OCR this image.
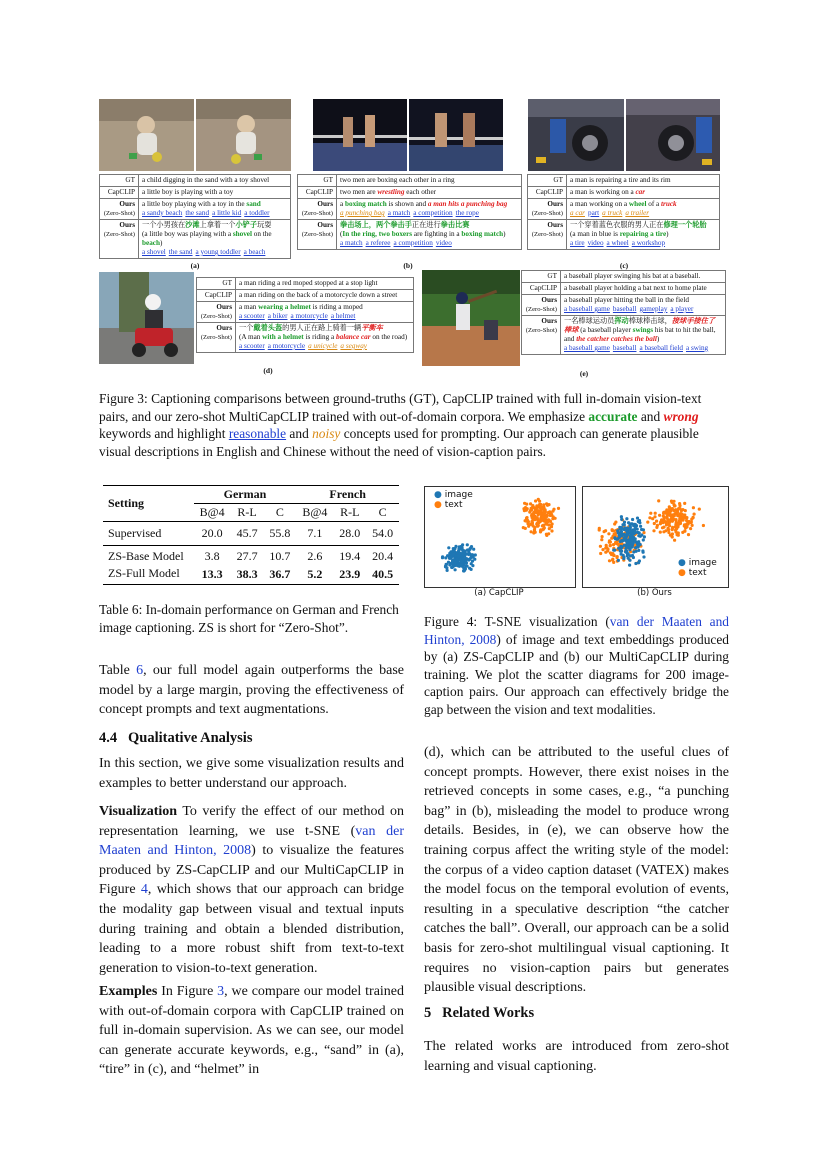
GT	a child digging in the sand with a toy shovel
CapCLIP	a little boy is playing with a toy
Ours
(Zero-Shot)	a little boy playing with a toy in the sand
a sandy beach the sand a little kid a toddler
Ours
(Zero-Shot)	一个小男孩在沙滩上拿着一个小铲子玩耍
(a little boy was playing with a shovel on the beach)
a shovel the sand a young toddler a beach
(a)
GT	two men are boxing each other in a ring
CapCLIP	two men are wrestling each other
Ours
(Zero-Shot)	a boxing match is shown and a man hits a punching bag
a punching bag a match a competition the rope
Ours
(Zero-Shot)	拳击场上，两个拳击手正在进行拳击比赛
(In the ring, two boxers are fighting in a boxing match)
a match a referee a competition video
(b)
GT	a man is repairing a tire and its rim
CapCLIP	a man is working on a car
Ours
(Zero-Shot)	a man working on a wheel of a truck
a car part a truck a trailer
Ours
(Zero-Shot)	一个穿着蓝色衣服的男人正在修理一个轮胎
(a man in blue is repairing a tire)
a tire video a wheel a workshop
(c)
GT	a man riding a red moped stopped at a stop light
CapCLIP	a man riding on the back of a motorcycle down a street
Ours
(Zero-Shot)	a man wearing a helmet is riding a moped
a scooter a biker a motorcycle a helmet
Ours
(Zero-Shot)	一个戴着头盔的男人正在路上骑着一辆平衡车
(A man with a helmet is riding a balance car on the road)
a scooter a motorcycle a unicycle a segway
(d)
GT	a baseball player swinging his bat at a baseball.
CapCLIP	a baseball player holding a bat next to home plate
Ours
(Zero-Shot)	a baseball player hitting the ball in the field
a baseball game baseball gameplay a player
Ours
(Zero-Shot)	一名棒球运动员挥动棒球棒击球，接球手接住了棒球 (a baseball player swings his bat to hit the ball, and the catcher catches the ball)
a baseball game baseball a baseball field a swing
(e)
Figure 3: Captioning comparisons between ground-truths (GT), CapCLIP trained with full in-domain vision-text pairs, and our zero-shot MultiCapCLIP trained with out-of-domain corpora. We emphasize accurate and wrong keywords and highlight reasonable and noisy concepts used for prompting. Our approach can generate plausible visual descriptions in English and Chinese without the need of vision-caption pairs.
Setting	German			French		
	B@4	R-L	C	B@4	R-L	C
Supervised	20.0	45.7	55.8	7.1	28.0	54.0
ZS-Base Model	3.8	27.7	10.7	2.6	19.4	20.4
ZS-Full Model	13.3	38.3	36.7	5.2	23.9	40.5
Table 6: In-domain performance on German and French image captioning. ZS is short for “Zero-Shot”.
● image
● text
(a) CapCLIP
● image
● text
(b) Ours
Figure 4: T-SNE visualization (van der Maaten and Hinton, 2008) of image and text embeddings produced by (a) ZS-CapCLIP and (b) our MultiCapCLIP during training. We plot the scatter diagrams for 200 image-caption pairs. Our approach can effectively bridge the gap between the vision and text modalities.
Table 6, our full model again outperforms the base model by a large margin, proving the effectiveness of concept prompts and text augmentations.
4.4 Qualitative Analysis
In this section, we give some visualization results and examples to better understand our approach.
Visualization To verify the effect of our method on representation learning, we use t-SNE (van der Maaten and Hinton, 2008) to visualize the features produced by ZS-CapCLIP and our MultiCapCLIP in Figure 4, which shows that our approach can bridge the modality gap between visual and textual inputs during training and obtain a blended distribution, leading to a more robust shift from text-to-text generation to vision-to-text generation.
Examples In Figure 3, we compare our model trained with out-of-domain corpora with CapCLIP trained on full in-domain supervision. As we can see, our model can generate accurate keywords, e.g., “sand” in (a), “tire” in (c), and “helmet” in
(d), which can be attributed to the useful clues of concept prompts. However, there exist noises in the retrieved concepts in some cases, e.g., “a punching bag” in (b), misleading the model to produce wrong details. Besides, in (e), we can observe how the training corpus affect the writing style of the model: the corpus of a video caption dataset (VATEX) makes the model focus on the temporal evolution of events, resulting in a speculative description “the catcher catches the ball”. Overall, our approach can be a solid basis for zero-shot multilingual visual captioning. It requires no vision-caption pairs but generates plausible visual descriptions.
5 Related Works
The related works are introduced from zero-shot learning and visual captioning.
